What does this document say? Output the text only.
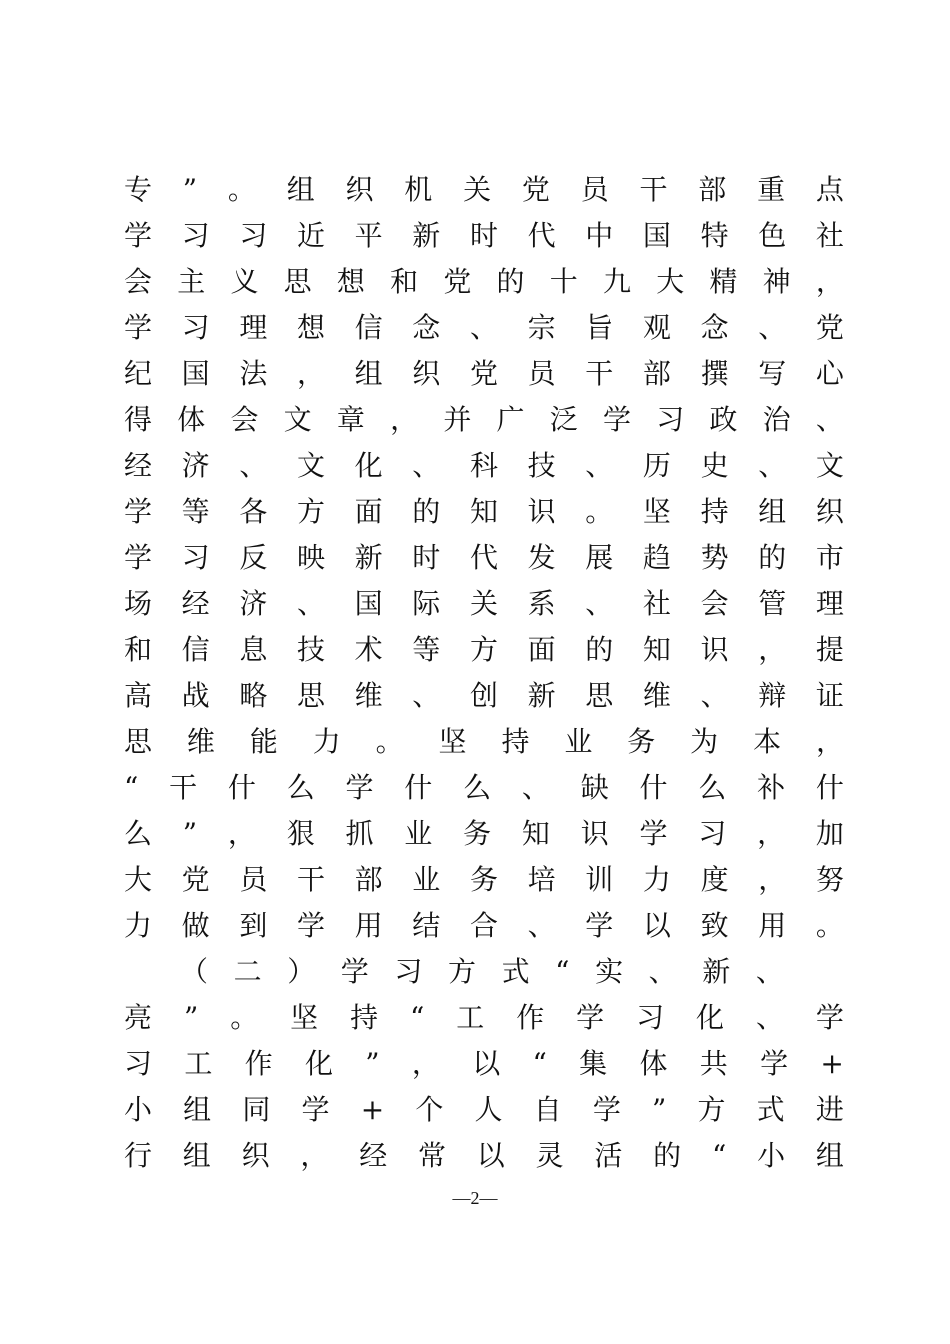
专 ” 。 组 织 机 关 党 员 干 部 重 点
学 习 习 近 平 新 时 代 中 国 特 色 社
会 主 义 思 想 和 党 的 十 九 大 精 神 ，
学 习 理 想 信 念 、 宗 旨 观 念 、 党
纪 国 法 ， 组 织 党 员 干 部 撰 写 心
得 体 会 文 章 ， 并 广 泛 学 习 政 治 、
经 济 、 文 化 、 科 技 、 历 史 、 文
学 等 各 方 面 的 知 识 。 坚 持 组 织
学 习 反 映 新 时 代 发 展 趋 势 的 市
场 经 济 、 国 际 关 系 、 社 会 管 理
和 信 息 技 术 等 方 面 的 知 识 ， 提
高 战 略 思 维 、 创 新 思 维 、 辩 证
思 维 能 力 。 坚 持 业 务 为 本 ，
“ 干 什 么 学 什 么 、 缺 什 么 补 什
么 ” ， 狠 抓 业 务 知 识 学 习 ， 加
大 党 员 干 部 业 务 培 训 力 度 ， 努
力 做 到 学 用 结 合 、 学 以 致 用 。
（ 二 ） 学 习 方 式 “ 实 、 新 、
亮 ” 。 坚 持 “ 工 作 学 习 化 、 学
习 工 作 化 ” ， 以 “ 集 体 共 学 +
小 组 同 学 + 个 人 自 学 ” 方 式 进
行 组 织 ， 经 常 以 灵 活 的 “ 小 组
—2—
